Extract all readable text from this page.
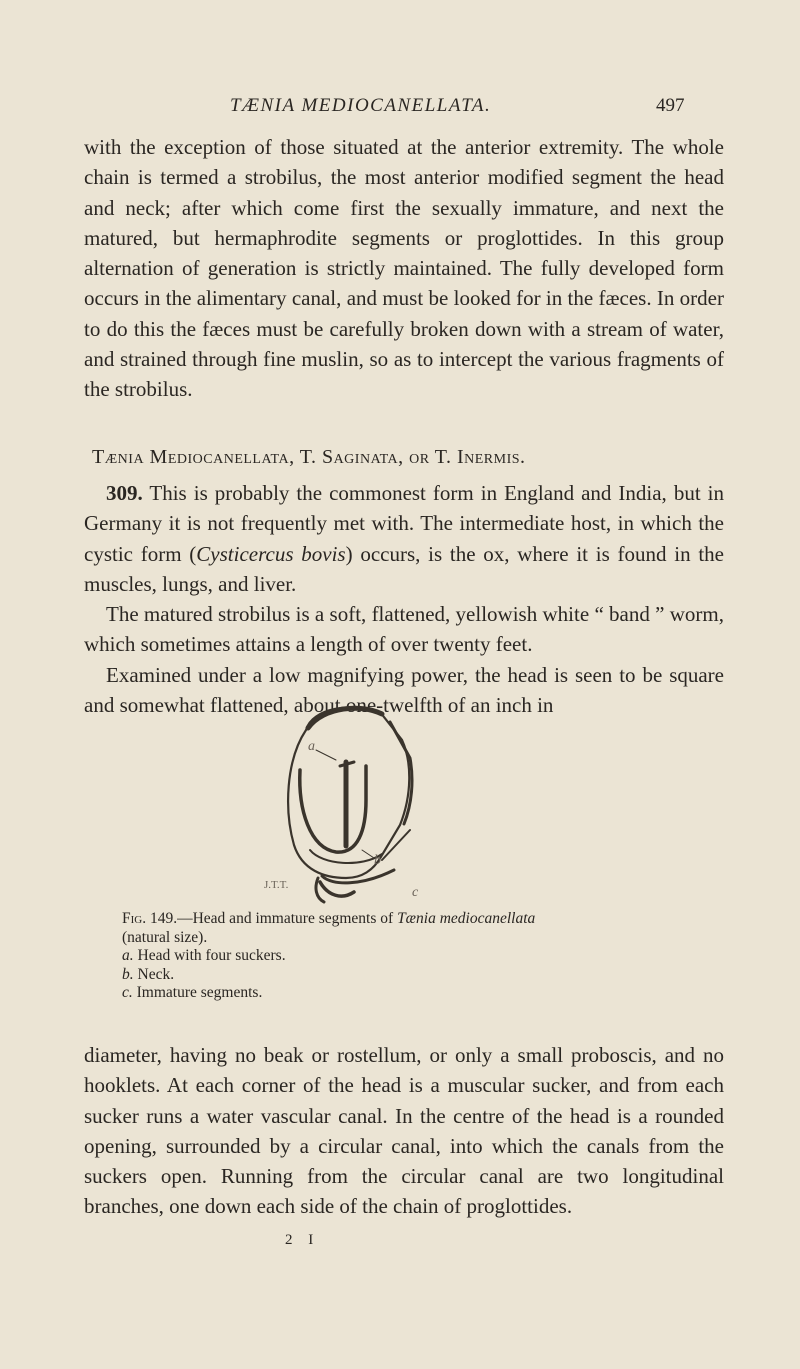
TÆNIA MEDIOCANELLATA.	497

with the exception of those situated at the anterior extremity. The whole chain is termed a strobilus, the most anterior modified segment the head and neck; after which come first the sexually immature, and next the matured, but hermaphrodite segments or proglottides. In this group alternation of generation is strictly maintained. The fully developed form occurs in the alimentary canal, and must be looked for in the fæces. In order to do this the fæces must be carefully broken down with a stream of water, and strained through fine muslin, so as to intercept the various fragments of the strobilus.

Tænia Mediocanellata, T. Saginata, or T. Inermis.

309. This is probably the commonest form in England and India, but in Germany it is not frequently met with. The intermediate host, in which the cystic form (Cysticercus bovis) occurs, is the ox, where it is found in the muscles, lungs, and liver.

The matured strobilus is a soft, flattened, yellowish white “ band ” worm, which sometimes attains a length of over twenty feet.

Examined under a low magnifying power, the head is seen to be square and somewhat flattened, about one-twelfth of an inch in

a
b
c
J.T.T.
Fig. 149.—Head and immature segments of Tænia mediocanellata
(natural size).
a. Head with four suckers.
b. Neck.
c. Immature segments.

diameter, having no beak or rostellum, or only a small proboscis, and no hooklets. At each corner of the head is a muscular sucker, and from each sucker runs a water vascular canal. In the centre of the head is a rounded opening, surrounded by a circular canal, into which the canals from the suckers open. Running from the circular canal are two longitudinal branches, one down each side of the chain of proglottides.

2 I
